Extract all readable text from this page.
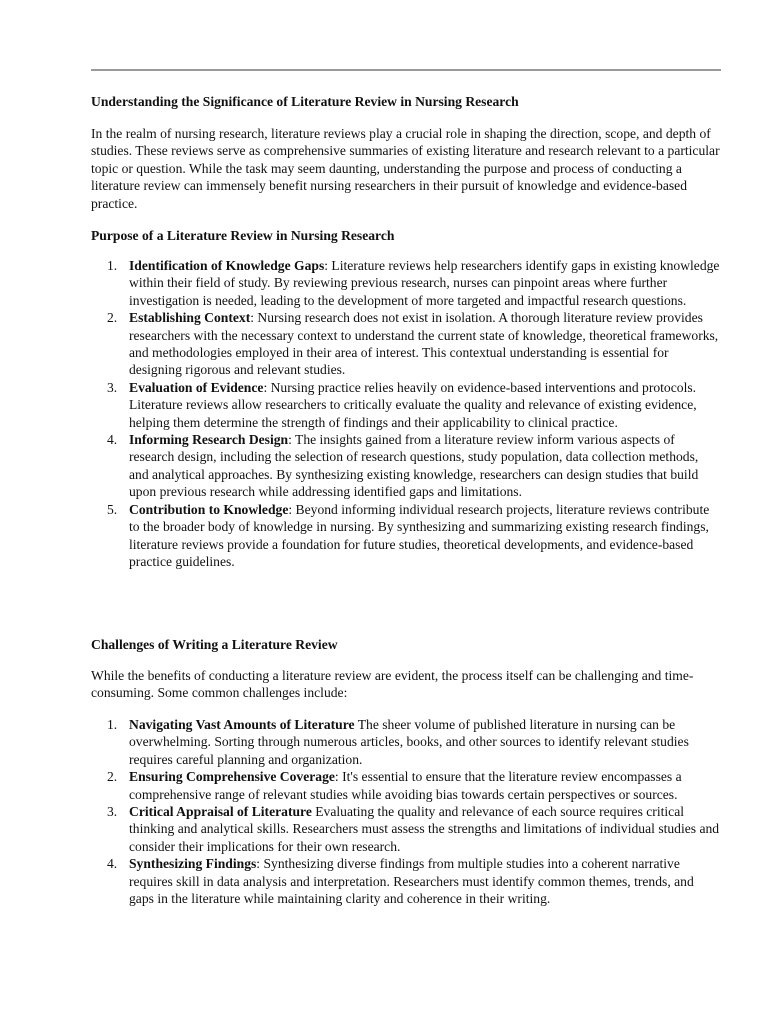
Understanding the Significance of Literature Review in Nursing Research

In the realm of nursing research, literature reviews play a crucial role in shaping the direction, scope, and depth of studies. These reviews serve as comprehensive summaries of existing literature and research relevant to a particular topic or question. While the task may seem daunting, understanding the purpose and process of conducting a literature review can immensely benefit nursing researchers in their pursuit of knowledge and evidence-based practice.

Purpose of a Literature Review in Nursing Research
1. Identification of Knowledge Gaps: Literature reviews help researchers identify gaps in existing knowledge within their field of study. By reviewing previous research, nurses can pinpoint areas where further investigation is needed, leading to the development of more targeted and impactful research questions.
2. Establishing Context: Nursing research does not exist in isolation. A thorough literature review provides researchers with the necessary context to understand the current state of knowledge, theoretical frameworks, and methodologies employed in their area of interest. This contextual understanding is essential for designing rigorous and relevant studies.
3. Evaluation of Evidence: Nursing practice relies heavily on evidence-based interventions and protocols. Literature reviews allow researchers to critically evaluate the quality and relevance of existing evidence, helping them determine the strength of findings and their applicability to clinical practice.
4. Informing Research Design: The insights gained from a literature review inform various aspects of research design, including the selection of research questions, study population, data collection methods, and analytical approaches. By synthesizing existing knowledge, researchers can design studies that build upon previous research while addressing identified gaps and limitations.
5. Contribution to Knowledge: Beyond informing individual research projects, literature reviews contribute to the broader body of knowledge in nursing. By synthesizing and summarizing existing research findings, literature reviews provide a foundation for future studies, theoretical developments, and evidence-based practice guidelines.
Challenges of Writing a Literature Review

While the benefits of conducting a literature review are evident, the process itself can be challenging and time-consuming. Some common challenges include:

1. Navigating Vast Amounts of Literature The sheer volume of published literature in nursing can be overwhelming. Sorting through numerous articles, books, and other sources to identify relevant studies requires careful planning and organization.
2. Ensuring Comprehensive Coverage: It's essential to ensure that the literature review encompasses a comprehensive range of relevant studies while avoiding bias towards certain perspectives or sources.
3. Critical Appraisal of Literature Evaluating the quality and relevance of each source requires critical thinking and analytical skills. Researchers must assess the strengths and limitations of individual studies and consider their implications for their own research.
4. Synthesizing Findings: Synthesizing diverse findings from multiple studies into a coherent narrative requires skill in data analysis and interpretation. Researchers must identify common themes, trends, and gaps in the literature while maintaining clarity and coherence in their writing.
